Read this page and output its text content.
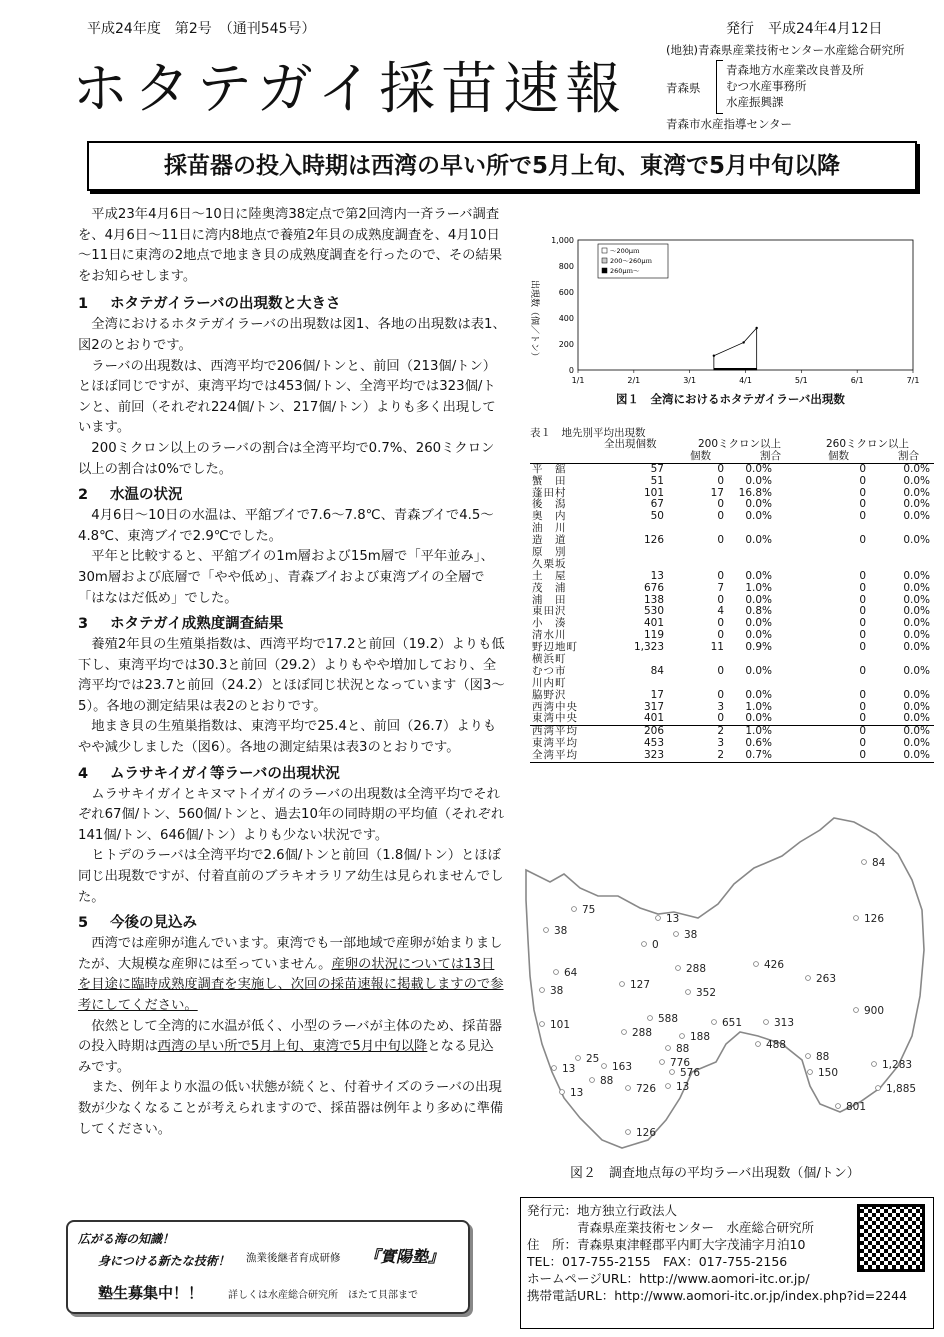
平成24年度　第2号　（通刊545号）	発行　平成24年4月12日
(地独)青森県産業技術センター水産総合研究所
ホタテガイ採苗速報	青森県
青森地方水産業改良普及所
むつ水産事務所
水産振興課
青森市水産指導センター
採苗器の投入時期は西湾の早い所で5月上旬、東湾で5月中旬以降

平成23年4月6日～10日に陸奥湾38定点で第2回湾内一斉ラーバ調査を、4月6日～11日に湾内8地点で養殖2年貝の成熟度調査を、4月10日～11日に東湾の2地点で地まき貝の成熟度調査を行ったので、その結果をお知らせします。

1 ホタテガイラーバの出現数と大きさ

全湾におけるホタテガイラーバの出現数は図1、各地の出現数は表1、図2のとおりです。

ラーバの出現数は、西湾平均で206個/トンと、前回（213個/トン）とほぼ同じですが、東湾平均では453個/トン、全湾平均では323個/トンと、前回（それぞれ224個/トン、217個/トン）よりも多く出現しています。

200ミクロン以上のラーバの割合は全湾平均で0.7%、260ミクロン以上の割合は0%でした。

2 水温の状況

4月6日～10日の水温は、平舘ブイで7.6～7.8℃、青森ブイで4.5～4.8℃、東湾ブイで2.9℃でした。

平年と比較すると、平舘ブイの1m層および15m層で「平年並み」、30m層および底層で「やや低め」、青森ブイおよび東湾ブイの全層で「はなはだ低め」でした。

3 ホタテガイ成熟度調査結果

養殖2年貝の生殖巣指数は、西湾平均で17.2と前回（19.2）よりも低下し、東湾平均では30.3と前回（29.2）よりもやや増加しており、全湾平均では23.7と前回（24.2）とほぼ同じ状況となっています（図3～5）。各地の測定結果は表2のとおりです。

地まき貝の生殖巣指数は、東湾平均で25.4と、前回（26.7）よりもやや減少しました（図6）。各地の測定結果は表3のとおりです。

4 ムラサキイガイ等ラーバの出現状況

ムラサキイガイとキヌマトイガイのラーバの出現数は全湾平均でそれぞれ67個/トン、560個/トンと、過去10年の同時期の平均値（それぞれ141個/トン、646個/トン）よりも少ない状況です。

ヒトデのラーバは全湾平均で2.6個/トンと前回（1.8個/トン）とほぼ同じ出現数ですが、付着直前のブラキオラリア幼生は見られませんでした。

5 今後の見込み

西湾では産卵が進んでいます。東湾でも一部地域で産卵が始まりましたが、大規模な産卵には至っていません。産卵の状況については13日を目途に臨時成熟度調査を実施し、次回の採苗速報に掲載しますので参考にしてください。

依然として全湾的に水温が低く、小型のラーバが主体のため、採苗器の投入時期は西湾の早い所で5月上旬、東湾で5月中旬以降となる見込みです。

また、例年より水温の低い状態が続くと、付着サイズのラーバの出現数が少なくなることが考えられますので、採苗器は例年より多めに準備してください。

1,000
800
600
400
200
0
1/1	2/1	3/1	4/1	5/1	6/1	7/1
出現数（個／トン）
～200μｍ
200～260μｍ
260μｍ～
図１　全湾におけるホタテガイラーバ出現数
表１　地先別平均出現数
全出現個数	200ミクロン以上	260ミクロン以上
個数	割合	個数	割合
平　舘	57	0 0.0%	0	0.0%
蟹　田	51	0 0.0%	0	0.0%
蓬田村	101	17 16.8%	0	0.0%
後　潟	67	0 0.0%	0	0.0%
奥　内	50	0 0.0%	0	0.0%
油　川
造　道	126	0 0.0%	0	0.0%
原　別
久栗坂
土　屋	13	0 0.0%	0	0.0%
茂　浦	676	7 1.0%	0	0.0%
浦　田	138	0 0.0%	0	0.0%
東田沢	530	4 0.8%	0	0.0%
小　湊	401	0 0.0%	0	0.0%
清水川	119	0 0.0%	0	0.0%
野辺地町	1,323	11 0.9%	0	0.0%
横浜町
むつ市	84	0 0.0%	0	0.0%
川内町
脇野沢	17	0 0.0%	0	0.0%
西湾中央	317	3 1.0%	0	0.0%
東湾中央	401	0 0.0%	0	0.0%
西湾平均	206	2 1.0%	0	0.0%
東湾平均	453	3 0.6%	0	0.0%
全湾平均	323	2 0.7%	0	0.0%
84
75
38
13
38
126
0
426
64	288
263
38	127
352
900
588	651
101	313
288	188
488
88
25
163	776	88
13
88
576	150
1,283
13	726 13	1,885
801
126
図２　調査地点毎の平均ラーバ出現数（個/トン）
広がる海の知識！
身につける新たな技術！ 漁業後継者育成研修 『實陽塾』
塾生募集中！！ 詳しくは水産総合研究所　ほたて貝部まで
発行元：地方独立行政法人
　　　　青森県産業技術センター　水産総合研究所
住　所：青森県東津軽郡平内町大字茂浦字月泊10
TEL：017-755-2155　FAX：017-755-2156
ホームページURL：http://www.aomori-itc.or.jp/
携帯電話URL：http://www.aomori-itc.or.jp/index.php?id=2244
